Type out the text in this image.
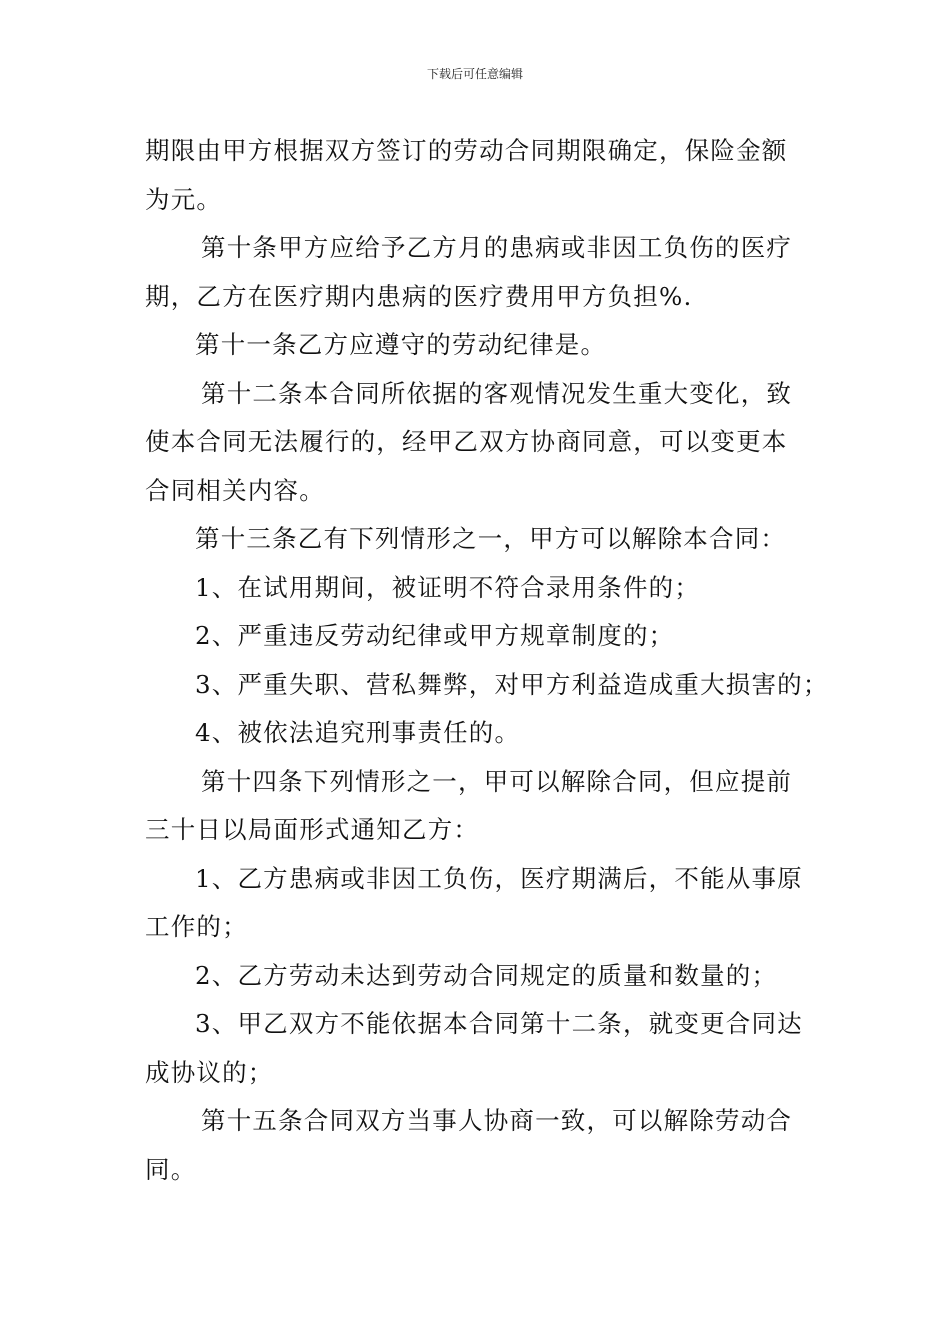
下载后可任意编辑

期限由甲方根据双方签订的劳动合同期限确定，保险金额

为元。

第十条甲方应给予乙方月的患病或非因工负伤的医疗

期，乙方在医疗期内患病的医疗费用甲方负担%.

第十一条乙方应遵守的劳动纪律是。

第十二条本合同所依据的客观情况发生重大变化，致

使本合同无法履行的，经甲乙双方协商同意，可以变更本

合同相关内容。

第十三条乙有下列情形之一，甲方可以解除本合同：

1、在试用期间，被证明不符合录用条件的；

2、严重违反劳动纪律或甲方规章制度的；

3、严重失职、营私舞弊，对甲方利益造成重大损害的；

4、被依法追究刑事责任的。

第十四条下列情形之一，甲可以解除合同，但应提前

三十日以局面形式通知乙方：

1、乙方患病或非因工负伤，医疗期满后，不能从事原

工作的；

2、乙方劳动未达到劳动合同规定的质量和数量的；

3、甲乙双方不能依据本合同第十二条，就变更合同达

成协议的；

第十五条合同双方当事人协商一致，可以解除劳动合

同。
